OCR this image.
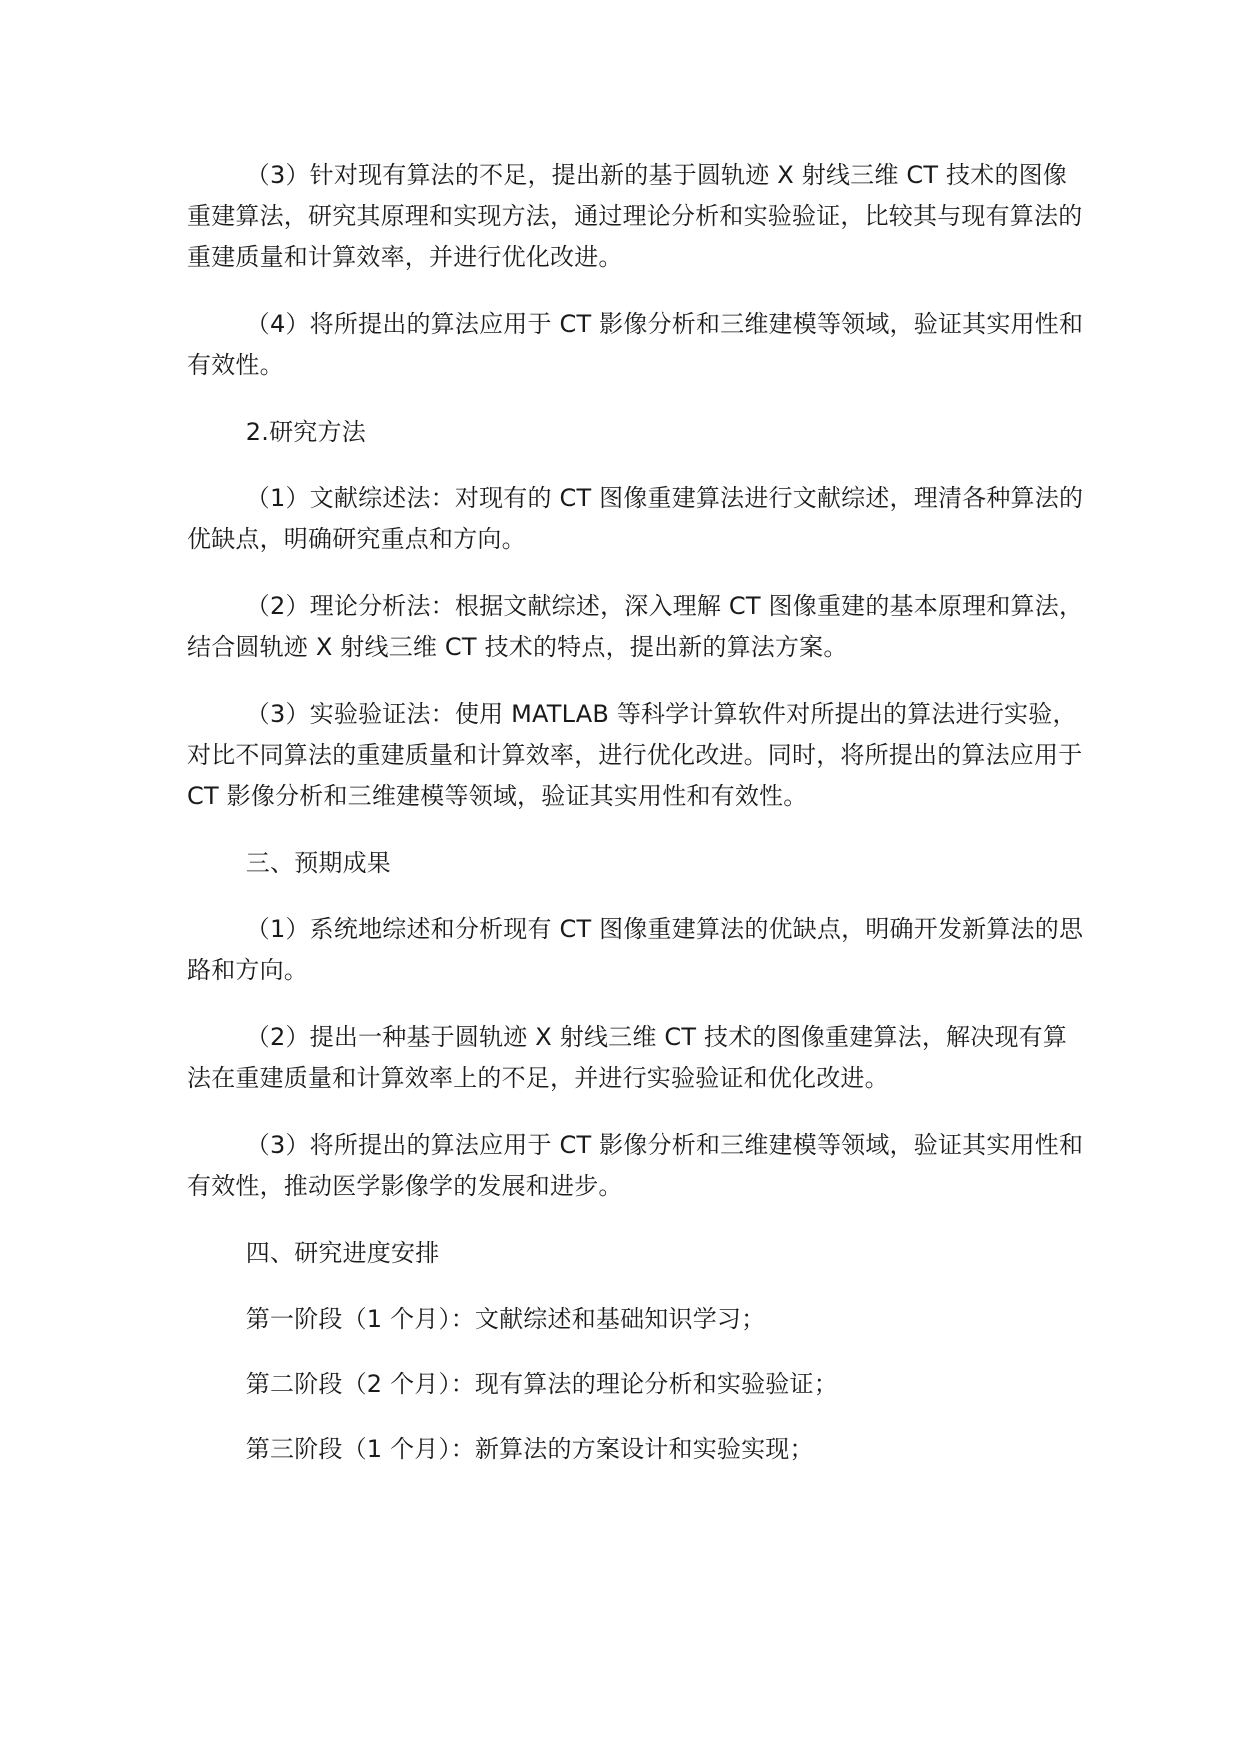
（3）针对现有算法的不足，提出新的基于圆轨迹 X 射线三维 CT 技术的图像重建算法，研究其原理和实现方法，通过理论分析和实验验证，比较其与现有算法的重建质量和计算效率，并进行优化改进。

（4）将所提出的算法应用于 CT 影像分析和三维建模等领域，验证其实用性和有效性。

2.研究方法

（1）文献综述法：对现有的 CT 图像重建算法进行文献综述，理清各种算法的优缺点，明确研究重点和方向。

（2）理论分析法：根据文献综述，深入理解 CT 图像重建的基本原理和算法，结合圆轨迹 X 射线三维 CT 技术的特点，提出新的算法方案。

（3）实验验证法：使用 MATLAB 等科学计算软件对所提出的算法进行实验，对比不同算法的重建质量和计算效率，进行优化改进。同时，将所提出的算法应用于 CT 影像分析和三维建模等领域，验证其实用性和有效性。

三、预期成果

（1）系统地综述和分析现有 CT 图像重建算法的优缺点，明确开发新算法的思路和方向。

（2）提出一种基于圆轨迹 X 射线三维 CT 技术的图像重建算法，解决现有算法在重建质量和计算效率上的不足，并进行实验验证和优化改进。

（3）将所提出的算法应用于 CT 影像分析和三维建模等领域，验证其实用性和有效性，推动医学影像学的发展和进步。

四、研究进度安排

第一阶段（1 个月）：文献综述和基础知识学习；

第二阶段（2 个月）：现有算法的理论分析和实验验证；

第三阶段（1 个月）：新算法的方案设计和实验实现；
